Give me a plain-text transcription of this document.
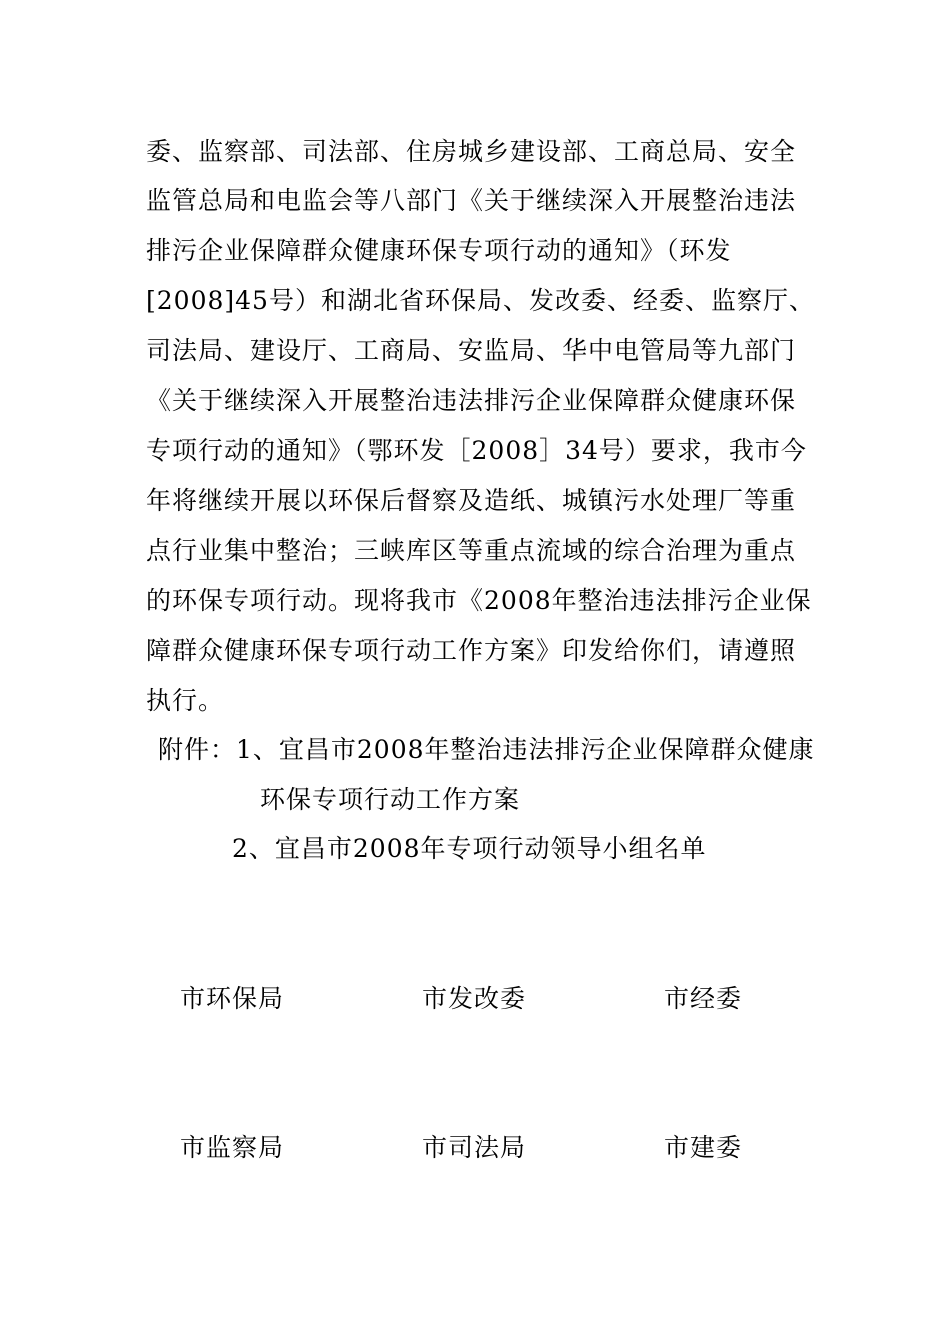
委、监察部、司法部、住房城乡建设部、工商总局、安全
监管总局和电监会等八部门《关于继续深入开展整治违法
排污企业保障群众健康环保专项行动的通知》（环发
[2008]45号）和湖北省环保局、发改委、经委、监察厅、
司法局、建设厅、工商局、安监局、华中电管局等九部门
《关于继续深入开展整治违法排污企业保障群众健康环保
专项行动的通知》（鄂环发［2008］34号）要求，我市今
年将继续开展以环保后督察及造纸、城镇污水处理厂等重
点行业集中整治；三峡库区等重点流域的综合治理为重点
的环保专项行动。现将我市《2008年整治违法排污企业保
障群众健康环保专项行动工作方案》印发给你们，请遵照
执行。
附件：1、宜昌市2008年整治违法排污企业保障群众健康
环保专项行动工作方案
2、宜昌市2008年专项行动领导小组名单
市环保局	市发改委	市经委
市监察局	市司法局	市建委
